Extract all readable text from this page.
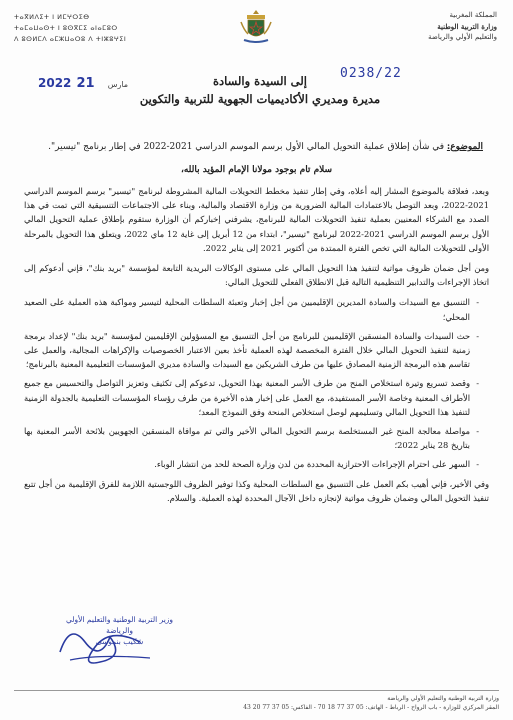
المملكة المغربية
وزارة التربية الوطنية
والتعليم الأولي والرياضة
ⵜⴰⴳⵍⴷⵉⵜ ⵏ ⵍⵎⵖⵔⵉⴱ
ⵜⴰⵎⴰⵡⴰⵙⵜ ⵏ ⵓⵙⴳⵎⵉ ⴰⵏⴰⵎⵓⵔ
ⴷ ⵓⵙⵍⵎⴷ ⴰⵎⵣⵡⴰⵔⵓ ⴷ ⵜⵏⵣⵓⵖⵉⵏ
0238/22
2022	مارس 21	إلى السيدة والسادة
مديرة ومديري الأكاديميات الجهوية للتربية والتكوين
الموضوع: في شأن إطلاق عملية التحويل المالي الأول برسم الموسم الدراسي 2021-2022 في إطار برنامج "تيسير".
سلام تام بوجود مولانا الإمام المؤيد بالله،

وبعد، فعلاقة بالموضوع المشار إليه أعلاه، وفي إطار تنفيذ مخطط التحويلات المالية المشروطة لبرنامج "تيسير" برسم الموسم الدراسي 2021-2022، وبعد التوصل بالاعتمادات المالية الضرورية من وزارة الاقتصاد والمالية، وبناء على الاجتماعات التنسيقية التي تمت في هذا الصدد مع الشركاء المعنيين بعملية تنفيذ التحويلات المالية للبرنامج، يشرفني إخباركم أن الوزارة ستقوم بإطلاق عملية التحويل المالي الأول برسم الموسم الدراسي 2021-2022 لبرنامج "تيسير"، ابتداء من 12 أبريل إلى غاية 12 ماي 2022، ويتعلق هذا التحويل بالمرحلة الأولى للتحويلات المالية التي تخص الفترة الممتدة من أكتوبر 2021 إلى يناير 2022.

ومن أجل ضمان ظروف مواتية لتنفيذ هذا التحويل المالي على مستوى الوكالات البريدية التابعة لمؤسسة "بريد بنك"، فإني أدعوكم إلى اتخاذ الإجراءات والتدابير التنظيمية التالية قبل الانطلاق الفعلي للتحويل المالي:

- التنسيق مع السيدات والسادة المديرين الإقليميين من أجل إخبار وتعبئة السلطات المحلية لتيسير ومواكبة هذه العملية على الصعيد المحلي؛
- حث السيدات والسادة المنسقين الإقليميين للبرنامج من أجل التنسيق مع المسؤولين الإقليميين لمؤسسة "بريد بنك" لإعداد برمجة زمنية لتنفيذ التحويل المالي خلال الفترة المخصصة لهذه العملية تأخذ بعين الاعتبار الخصوصيات والإكراهات المجالية، والعمل على تقاسم هذه البرمجة الزمنية المصادق عليها من طرف الشريكين مع السيدات والسادة مديري المؤسسات التعليمية المعنية بالبرنامج؛
- وقصد تسريع وتيرة استخلاص المنح من طرف الأسر المعنية بهذا التحويل، تدعوكم إلى تكثيف وتعزيز التواصل والتحسيس مع جميع الأطراف المعنية وخاصة الأسر المستفيدة، مع العمل على إخبار هذه الأخيرة من طرف رؤساء المؤسسات التعليمية بالجدولة الزمنية لتنفيذ هذا التحويل المالي وتسليمهم لوصل استخلاص المنحة وفق النموذج المعد؛
- مواصلة معالجة المنح غير المستخلصة برسم التحويل المالي الأخير والتي تم موافاة المنسقين الجهويين بلائحة الأسر المعنية بها بتاريخ 28 يناير 2022؛
- السهر على احترام الإجراءات الاحترازية المحددة من لدن وزارة الصحة للحد من انتشار الوباء.

وفي الأخير، فإني أهيب بكم العمل على التنسيق مع السلطات المحلية وكذا توفير الظروف اللوجستية اللازمة للفرق الإقليمية من أجل تتبع تنفيذ التحويل المالي وضمان ظروف مواتية لإنجازه داخل الآجال المحددة لهذه العملية. والسلام.

وزير التربية الوطنية والتعليم الأولي
والرياضة
شكيب بنموسى
وزارة التربية الوطنية والتعليم الأولي والرياضة
المقر المركزي للوزارة - باب الرواح - الرباط - الهاتف: 05 37 77 18 70 - الفاكس: 05 37 77 20 43
